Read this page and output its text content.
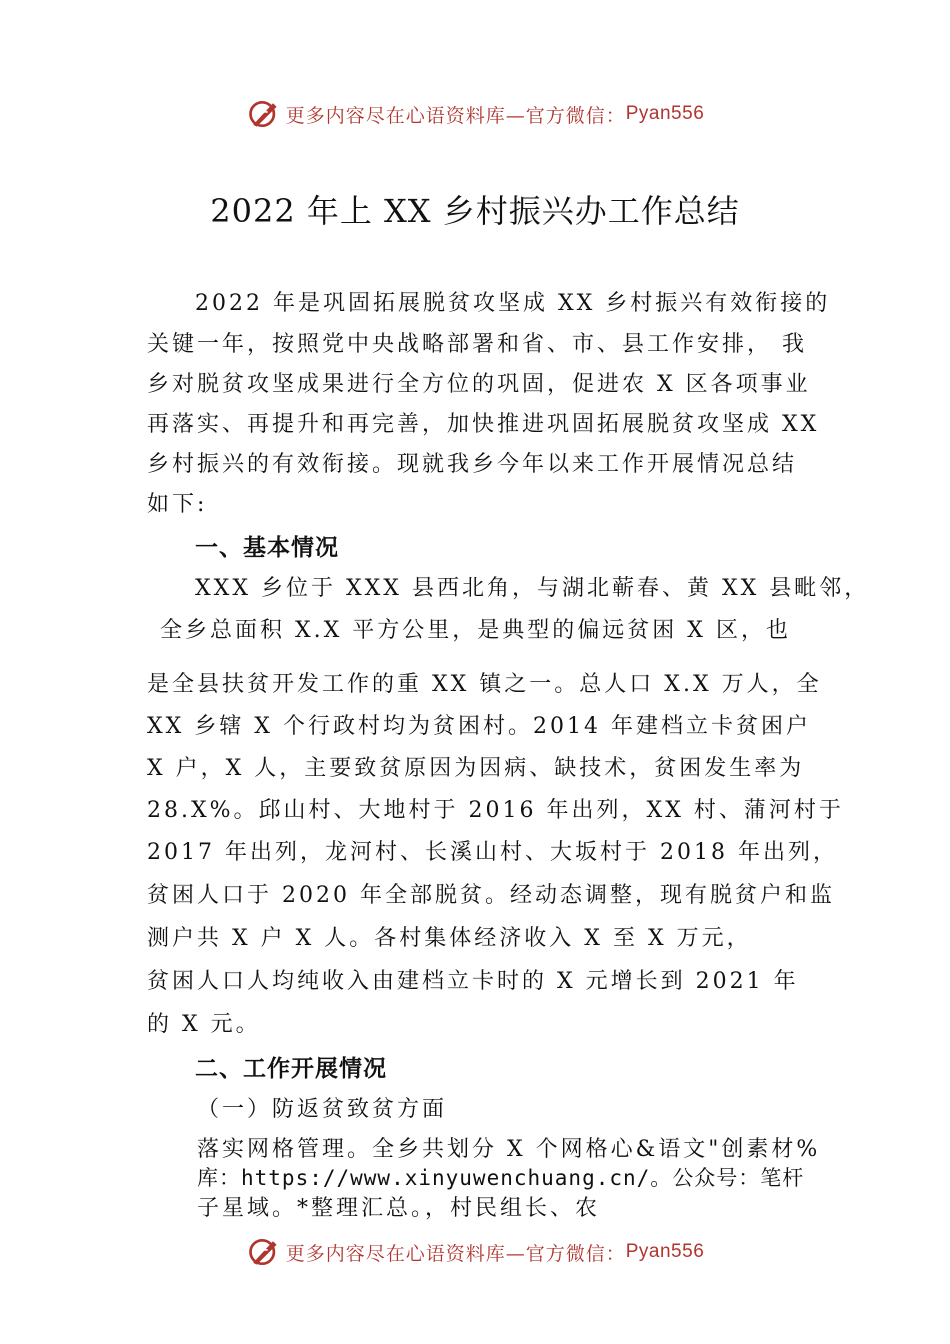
更多内容尽在心语资料库—官方微信： Pyan556
2022 年上 XX 乡村振兴办工作总结

2022 年是巩固拓展脱贫攻坚成 XX 乡村振兴有效衔接的

关键一年，按照党中央战略部署和省、市、县工作安排， 我

乡对脱贫攻坚成果进行全方位的巩固，促进农 X 区各项事业

再落实、再提升和再完善，加快推进巩固拓展脱贫攻坚成 XX

乡村振兴的有效衔接。现就我乡今年以来工作开展情况总结

如下:

一、基本情况

XXX 乡位于 XXX 县西北角，与湖北蕲春、黄 XX 县毗邻，

全乡总面积 X.X 平方公里，是典型的偏远贫困 X 区，也

是全县扶贫开发工作的重 XX 镇之一。总人口 X.X 万人，全

XX 乡辖 X 个行政村均为贫困村。2014 年建档立卡贫困户

X 户，X 人，主要致贫原因为因病、缺技术，贫困发生率为

28.X%。邱山村、大地村于 2016 年出列，XX 村、蒲河村于

2017 年出列，龙河村、长溪山村、大坂村于 2018 年出列，

贫困人口于 2020 年全部脱贫。经动态调整，现有脱贫户和监

测户共 X 户 X 人。各村集体经济收入 X 至 X 万元，

贫困人口人均纯收入由建档立卡时的 X 元增长到 2021 年

的 X 元。

二、工作开展情况

（一）防返贫致贫方面

落实网格管理。全乡共划分 X 个网格心&语文"创素材%

库：https://www.xinyuwenchuang.cn/。公众号：笔杆

子星域。*整理汇总。，村民组长、农

更多内容尽在心语资料库—官方微信： Pyan556
